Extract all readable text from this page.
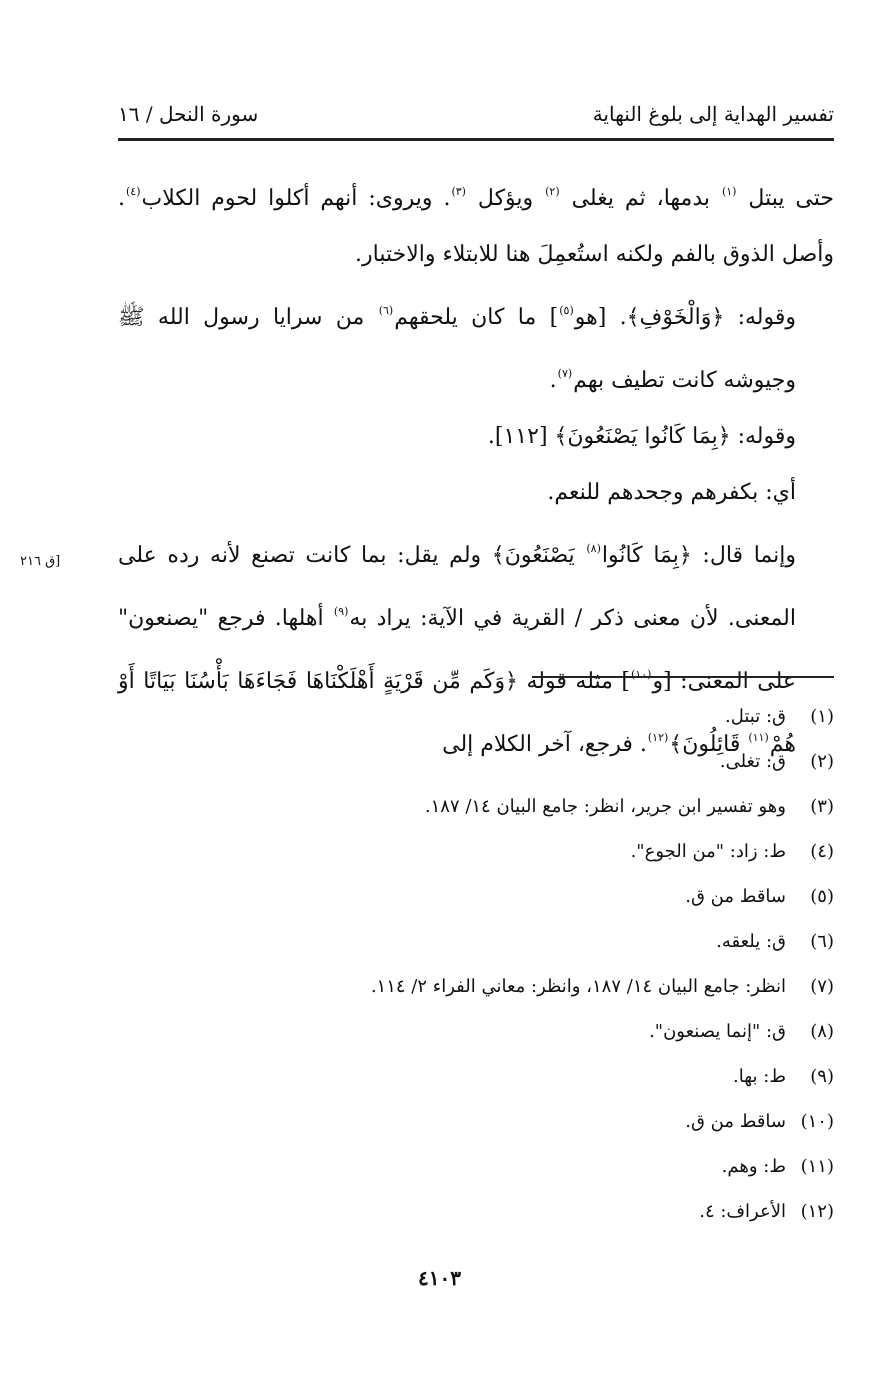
تفسير الهداية إلى بلوغ النهاية
سورة النحل / ١٦

حتى يبتل $^{(١)}$ بدمها، ثم يغلى $^{(٢)}$ ويؤكل $^{(٣)}$. ويروى: أنهم أكلوا لحوم الكلاب$^{(٤)}$. وأصل الذوق بالفم ولكنه استُعمِلَ هنا للابتلاء والاختبار.

وقوله: ﴿وَالْخَوْفِ﴾. [هو$^{(٥)}$] ما كان يلحقهم$^{(٦)}$ من سرايا رسول الله ﷺ وجيوشه كانت تطيف بهم$^{(٧)}$.

وقوله: ﴿بِمَا كَانُوا يَصْنَعُونَ﴾ [١١٢].

أي: بكفرهم وجحدهم للنعم.

وإنما قال: ﴿بِمَا كَانُوا$^{(٨)}$ يَصْنَعُونَ﴾ ولم يقل: بما كانت تصنع لأنه رده على المعنى. لأن معنى ذكر / القرية في الآية: يراد به$^{(٩)}$ أهلها. فرجع "يصنعون" على المعنى: [و$^{(١٠)}$] مثله قوله ﴿وَكَم مِّن قَرْيَةٍ أَهْلَكْنَاهَا فَجَاءَهَا بَأْسُنَا بَيَاتًا أَوْ هُمْ$^{(١١)}$ قَائِلُونَ﴾$^{(١٢)}$. فرجع، آخر الكلام إلى

[ق ٢١٦
(١)ق: تبتل.
(٢)ق: تغلى.
(٣)وهو تفسير ابن جرير، انظر: جامع البيان ١٤/ ١٨٧.
(٤)ط: زاد: "من الجوع".
(٥)ساقط من ق.
(٦)ق: يلعقه.
(٧)انظر: جامع البيان ١٤/ ١٨٧، وانظر: معاني الفراء ٢/ ١١٤.
(٨)ق: "إنما يصنعون".
(٩)ط: بها.
(١٠)ساقط من ق.
(١١)ط: وهم.
(١٢)الأعراف: ٤.
٤١٠٣
